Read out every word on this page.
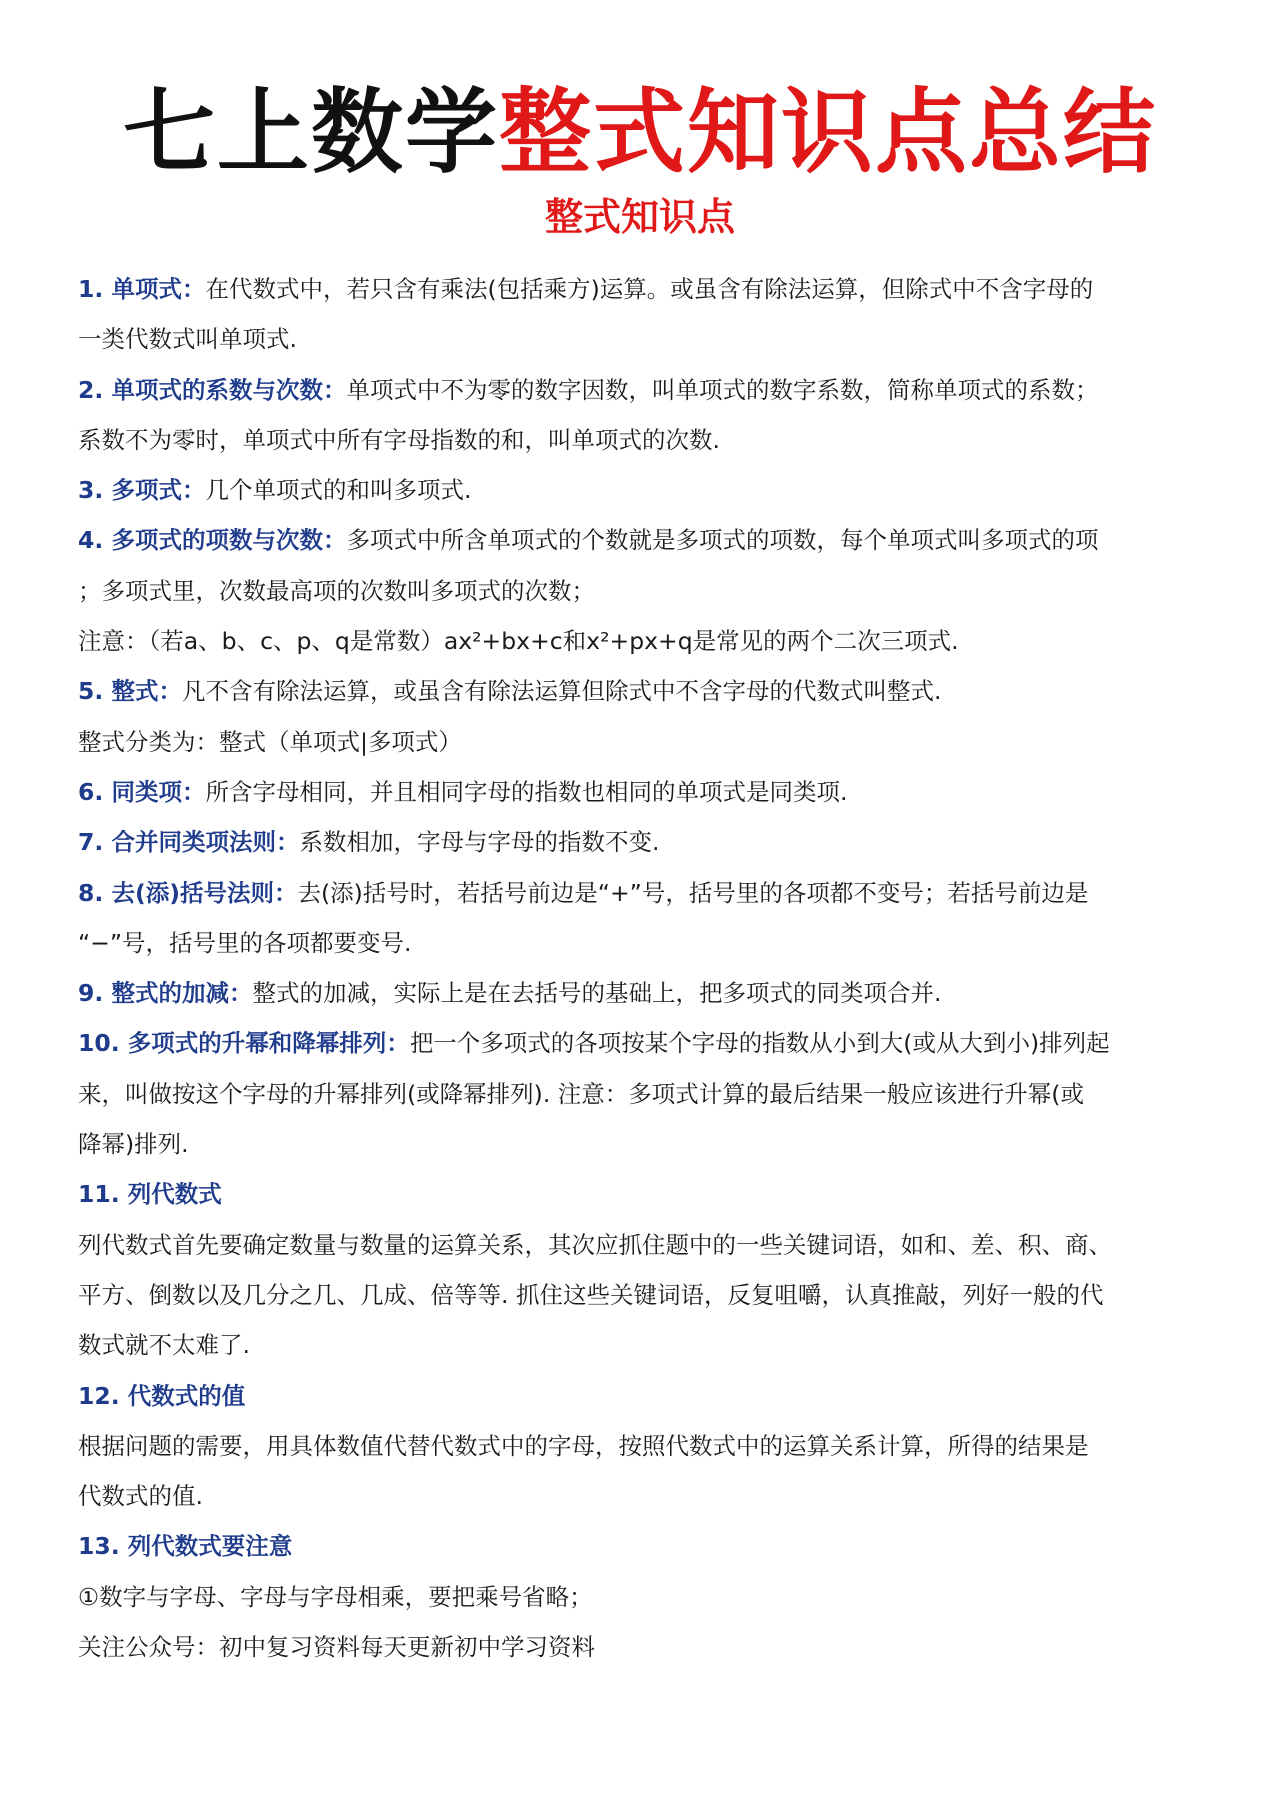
七上数学整式知识点总结
整式知识点
1. 单项式：在代数式中，若只含有乘法(包括乘方)运算。或虽含有除法运算，但除式中不含字母的
一类代数式叫单项式.
2. 单项式的系数与次数：单项式中不为零的数字因数，叫单项式的数字系数，简称单项式的系数；
系数不为零时，单项式中所有字母指数的和，叫单项式的次数.
3. 多项式：几个单项式的和叫多项式.
4. 多项式的项数与次数：多项式中所含单项式的个数就是多项式的项数，每个单项式叫多项式的项
；多项式里，次数最高项的次数叫多项式的次数；
注意：（若a、b、c、p、q是常数）ax²+bx+c和x²+px+q是常见的两个二次三项式.
5. 整式：凡不含有除法运算，或虽含有除法运算但除式中不含字母的代数式叫整式.
整式分类为：整式（单项式|多项式）
6. 同类项：所含字母相同，并且相同字母的指数也相同的单项式是同类项.
7. 合并同类项法则：系数相加，字母与字母的指数不变.
8. 去(添)括号法则：去(添)括号时，若括号前边是“+”号，括号里的各项都不变号；若括号前边是
“−”号，括号里的各项都要变号.
9. 整式的加减：整式的加减，实际上是在去括号的基础上，把多项式的同类项合并.
10. 多项式的升幂和降幂排列：把一个多项式的各项按某个字母的指数从小到大(或从大到小)排列起
来，叫做按这个字母的升幂排列(或降幂排列). 注意：多项式计算的最后结果一般应该进行升幂(或
降幂)排列.
11. 列代数式
列代数式首先要确定数量与数量的运算关系，其次应抓住题中的一些关键词语，如和、差、积、商、
平方、倒数以及几分之几、几成、倍等等. 抓住这些关键词语，反复咀嚼，认真推敲，列好一般的代
数式就不太难了.
12. 代数式的值
根据问题的需要，用具体数值代替代数式中的字母，按照代数式中的运算关系计算，所得的结果是
代数式的值.
13. 列代数式要注意
①数字与字母、字母与字母相乘，要把乘号省略；
关注公众号：初中复习资料每天更新初中学习资料
